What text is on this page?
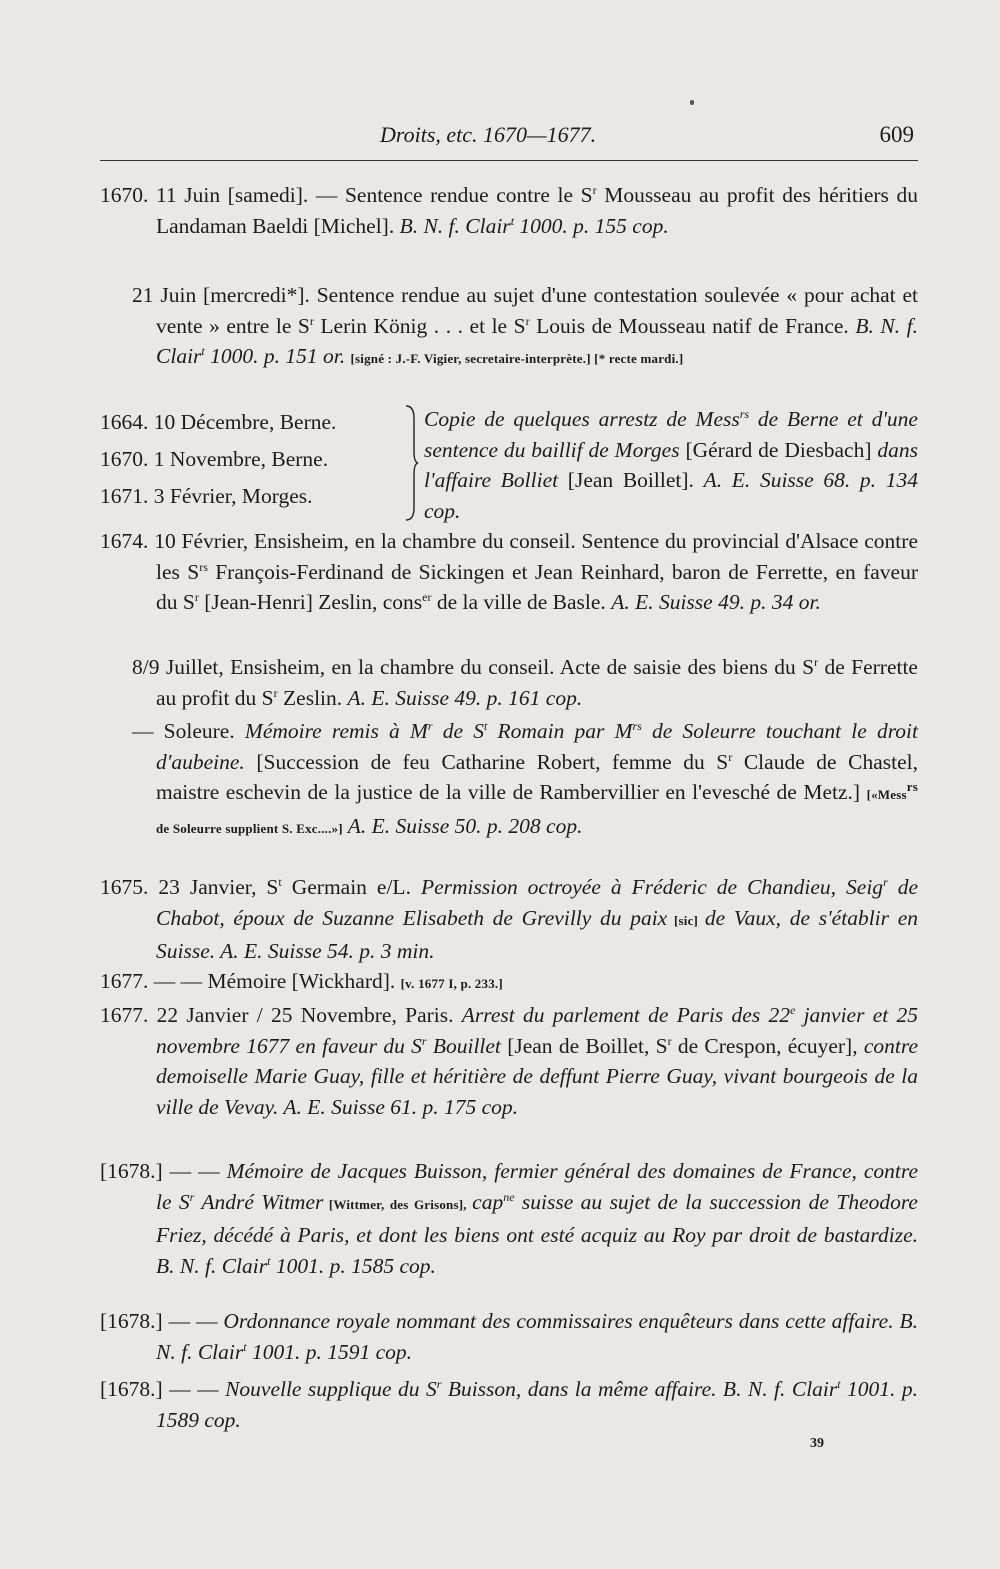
Droits, etc. 1670—1677.	609

1670. 11 Juin [samedi]. — Sentence rendue contre le $S^r$ Mousseau au profit des héritiers du Landaman Baeldi [Michel]. B. N. f. Clair$^t$ 1000. p. 155 cop.

21 Juin [mercredi*]. Sentence rendue au sujet d'une contestation soulevée « pour achat et vente » entre le $S^r$ Lerin König . . . et le $S^r$ Louis de Mousseau natif de France. B. N. f. Clair$^t$ 1000. p. 151 or. [signé : J.-F. Vigier, secretaire-interprète.] [* recte mardi.]

1664. 10 Décembre, Berne.
1670. 1 Novembre, Berne.
1671. 3 Février, Morges.
Copie de quelques arrestz de Mess$^{rs}$ de Berne et d'une sentence du baillif de Morges [Gérard de Diesbach] dans l'affaire Bolliet [Jean Boillet]. A. E. Suisse 68. p. 134 cop.

1674. 10 Février, Ensisheim, en la chambre du conseil. Sentence du provincial d'Alsace contre les $S^{rs}$ François-Ferdinand de Sickingen et Jean Reinhard, baron de Ferrette, en faveur du $S^r$ [Jean-Henri] Zeslin, cons$^{er}$ de la ville de Basle. A. E. Suisse 49. p. 34 or.

8/9 Juillet, Ensisheim, en la chambre du conseil. Acte de saisie des biens du $S^r$ de Ferrette au profit du $S^r$ Zeslin. A. E. Suisse 49. p. 161 cop.

— Soleure. Mémoire remis à $M^r$ de $S^t$ Romain par $M^{rs}$ de Soleurre touchant le droit d'aubeine. [Succession de feu Catharine Robert, femme du $S^r$ Claude de Chastel, maistre eschevin de la justice de la ville de Rambervillier en l'evesché de Metz.] [«Mess$^{rs}$ de Soleurre supplient S. Exc....»] A. E. Suisse 50. p. 208 cop.

1675. 23 Janvier, $S^t$ Germain e/L. Permission octroyée à Fréderic de Chandieu, Seig$^r$ de Chabot, époux de Suzanne Elisabeth de Grevilly du paix [sic] de Vaux, de s'établir en Suisse. A. E. Suisse 54. p. 3 min.

1677. — — Mémoire [Wickhard]. [v. 1677 I, p. 233.]

1677. 22 Janvier / 25 Novembre, Paris. Arrest du parlement de Paris des 22e janvier et 25 novembre 1677 en faveur du $S^r$ Bouillet [Jean de Boillet, $S^r$ de Crespon, écuyer], contre demoiselle Marie Guay, fille et héritière de deffunt Pierre Guay, vivant bourgeois de la ville de Vevay. A. E. Suisse 61. p. 175 cop.

[1678.] — — Mémoire de Jacques Buisson, fermier général des domaines de France, contre le $S^r$ André Witmer [Wittmer, des Grisons], cap$^{ne}$ suisse au sujet de la succession de Theodore Friez, décédé à Paris, et dont les biens ont esté acquiz au Roy par droit de bastardize. B. N. f. Clair$^t$ 1001. p. 1585 cop.

[1678.] — — Ordonnance royale nommant des commissaires enquêteurs dans cette affaire. B. N. f. Clair$^t$ 1001. p. 1591 cop.

[1678.] — — Nouvelle supplique du $S^r$ Buisson, dans la même affaire. B. N. f. Clair$^t$ 1001. p. 1589 cop.

39
